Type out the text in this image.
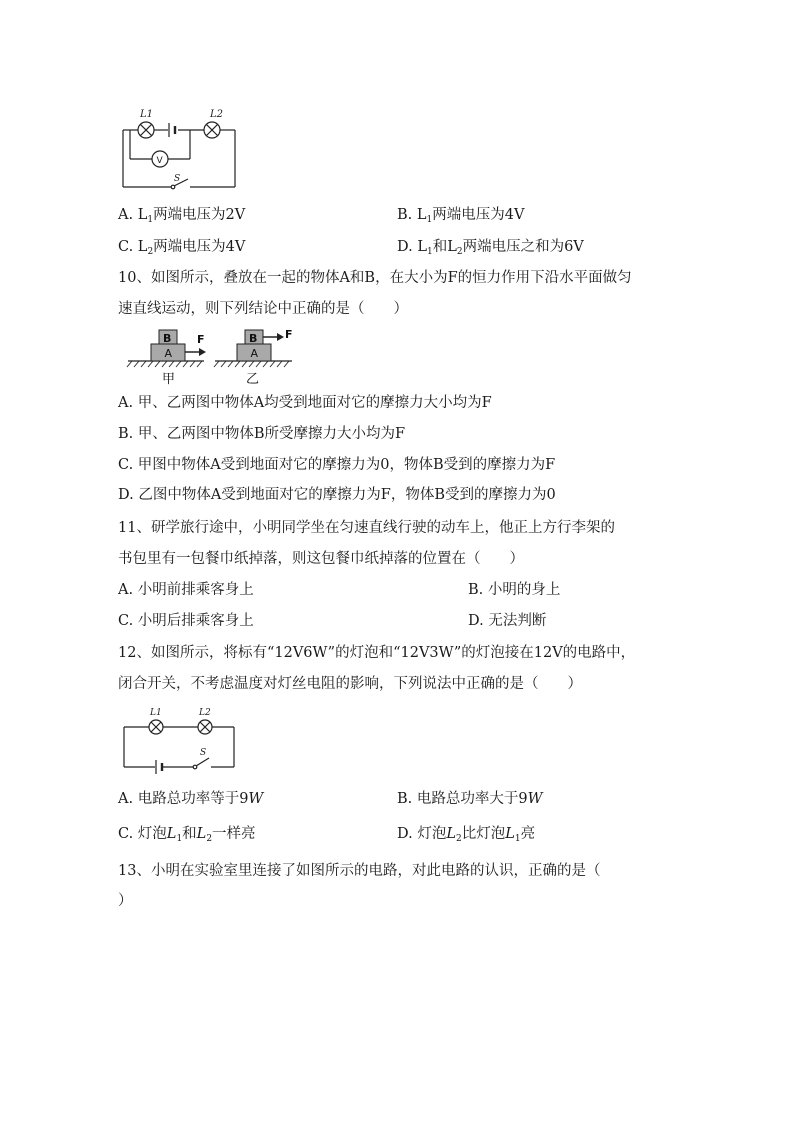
L1	L2
V
S
A. $L_1$两端电压为2V	B. $L_1$两端电压为4V
C. $L_2$两端电压为4V	D. $L_1$和$L_2$两端电压之和为6V
10、如图所示，叠放在一起的物体A和B，在大小为F的恒力作用下沿水平面做匀
速直线运动，则下列结论中正确的是（　　）
A
B F
甲
A
B	F
乙
A. 甲、乙两图中物体A均受到地面对它的摩擦力大小均为F
B. 甲、乙两图中物体B所受摩擦力大小均为F
C. 甲图中物体A受到地面对它的摩擦力为0，物体B受到的摩擦力为F
D. 乙图中物体A受到地面对它的摩擦力为F，物体B受到的摩擦力为0
11、研学旅行途中，小明同学坐在匀速直线行驶的动车上，他正上方行李架的
书包里有一包餐巾纸掉落，则这包餐巾纸掉落的位置在（　　）
A. 小明前排乘客身上	B. 小明的身上
C. 小明后排乘客身上	D. 无法判断
12、如图所示，将标有“12V6W”的灯泡和“12V3W”的灯泡接在12V的电路中，
闭合开关，不考虑温度对灯丝电阻的影响，下列说法中正确的是（　　）
L1	L2
S
A. 电路总功率等于9W	B. 电路总功率大于9W
C. 灯泡$L_1$和$L_2$一样亮	D. 灯泡$L_2$比灯泡$L_1$亮
13、小明在实验室里连接了如图所示的电路，对此电路的认识，正确的是（
）
